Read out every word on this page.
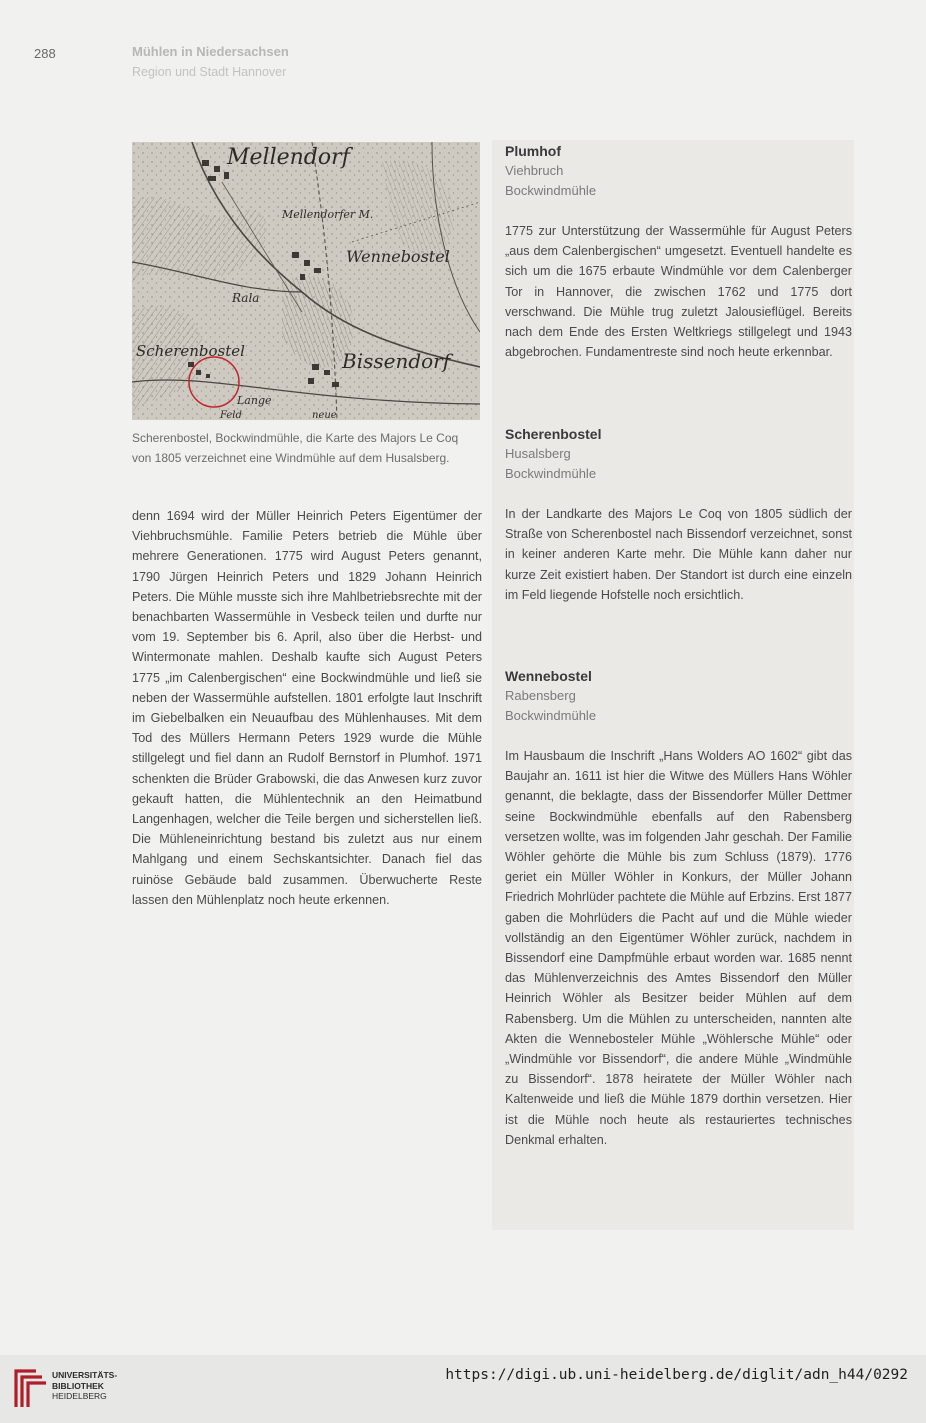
288	Mühlen in Niedersachsen
Region und Stadt Hannover
Mellendorf
Mellendorfer M.
Wennebostel
Rala
Scherenbostel	Bissendorf
Lange
Feld	neue
Scherenbostel, Bockwindmühle, die Karte des Majors Le Coq
von 1805 verzeichnet eine Windmühle auf dem Husalsberg.
denn 1694 wird der Müller Heinrich Peters Eigentümer der Viehbruchsmühle. Familie Peters betrieb die Mühle über mehrere Generationen. 1775 wird August Peters genannt, 1790 Jürgen Heinrich Peters und 1829 Johann Heinrich Peters. Die Mühle musste sich ihre Mahlbetriebsrechte mit der benachbarten Wassermühle in Vesbeck teilen und durfte nur vom 19. September bis 6. April, also über die Herbst- und Wintermonate mahlen. Deshalb kaufte sich August Peters 1775 „im Calenbergischen“ eine Bockwindmühle und ließ sie neben der Wassermühle aufstellen. 1801 erfolgte laut Inschrift im Giebelbalken ein Neuaufbau des Mühlenhauses. Mit dem Tod des Müllers Hermann Peters 1929 wurde die Mühle stillgelegt und fiel dann an Rudolf Bernstorf in Plumhof. 1971 schenkten die Brüder Grabowski, die das Anwesen kurz zuvor gekauft hatten, die Mühlentechnik an den Heimatbund Langenhagen, welcher die Teile bergen und sicherstellen ließ. Die Mühleneinrichtung bestand bis zuletzt aus nur einem Mahlgang und einem Sechskantsichter. Danach fiel das ruinöse Gebäude bald zusammen. Überwucherte Reste lassen den Mühlenplatz noch heute erkennen.
Plumhof
Viehbruch
Bockwindmühle

1775 zur Unterstützung der Wassermühle für August Peters „aus dem Calenbergischen“ umgesetzt. Eventuell handelte es sich um die 1675 erbaute Windmühle vor dem Calenberger Tor in Hannover, die zwischen 1762 und 1775 dort verschwand. Die Mühle trug zuletzt Jalousieflügel. Bereits nach dem Ende des Ersten Weltkriegs stillgelegt und 1943 abgebrochen. Fundamentreste sind noch heute erkennbar.

Scherenbostel
Husalsberg
Bockwindmühle

In der Landkarte des Majors Le Coq von 1805 südlich der Straße von Scherenbostel nach Bissendorf verzeichnet, sonst in keiner anderen Karte mehr. Die Mühle kann daher nur kurze Zeit existiert haben. Der Standort ist durch eine einzeln im Feld liegende Hofstelle noch ersichtlich.

Wennebostel
Rabensberg
Bockwindmühle

Im Hausbaum die Inschrift „Hans Wolders AO 1602“ gibt das Baujahr an. 1611 ist hier die Witwe des Müllers Hans Wöhler genannt, die beklagte, dass der Bissendorfer Müller Dettmer seine Bockwindmühle ebenfalls auf den Rabensberg versetzen wollte, was im folgenden Jahr geschah. Der Familie Wöhler gehörte die Mühle bis zum Schluss (1879). 1776 geriet ein Müller Wöhler in Konkurs, der Müller Johann Friedrich Mohrlüder pachtete die Mühle auf Erbzins. Erst 1877 gaben die Mohrlüders die Pacht auf und die Mühle wieder vollständig an den Eigentümer Wöhler zurück, nachdem in Bissendorf eine Dampfmühle erbaut worden war. 1685 nennt das Mühlenverzeichnis des Amtes Bissendorf den Müller Heinrich Wöhler als Besitzer beider Mühlen auf dem Rabensberg. Um die Mühlen zu unterscheiden, nannten alte Akten die Wennebosteler Mühle „Wöhlersche Mühle“ oder „Windmühle vor Bissendorf“, die andere Mühle „Windmühle zu Bissendorf“. 1878 heiratete der Müller Wöhler nach Kaltenweide und ließ die Mühle 1879 dorthin versetzen. Hier ist die Mühle noch heute als restauriertes technisches Denkmal erhalten.

UNIVERSITÄTS-
BIBLIOTHEK
HEIDELBERG
https://digi.ub.uni-heidelberg.de/diglit/adn_h44/0292
